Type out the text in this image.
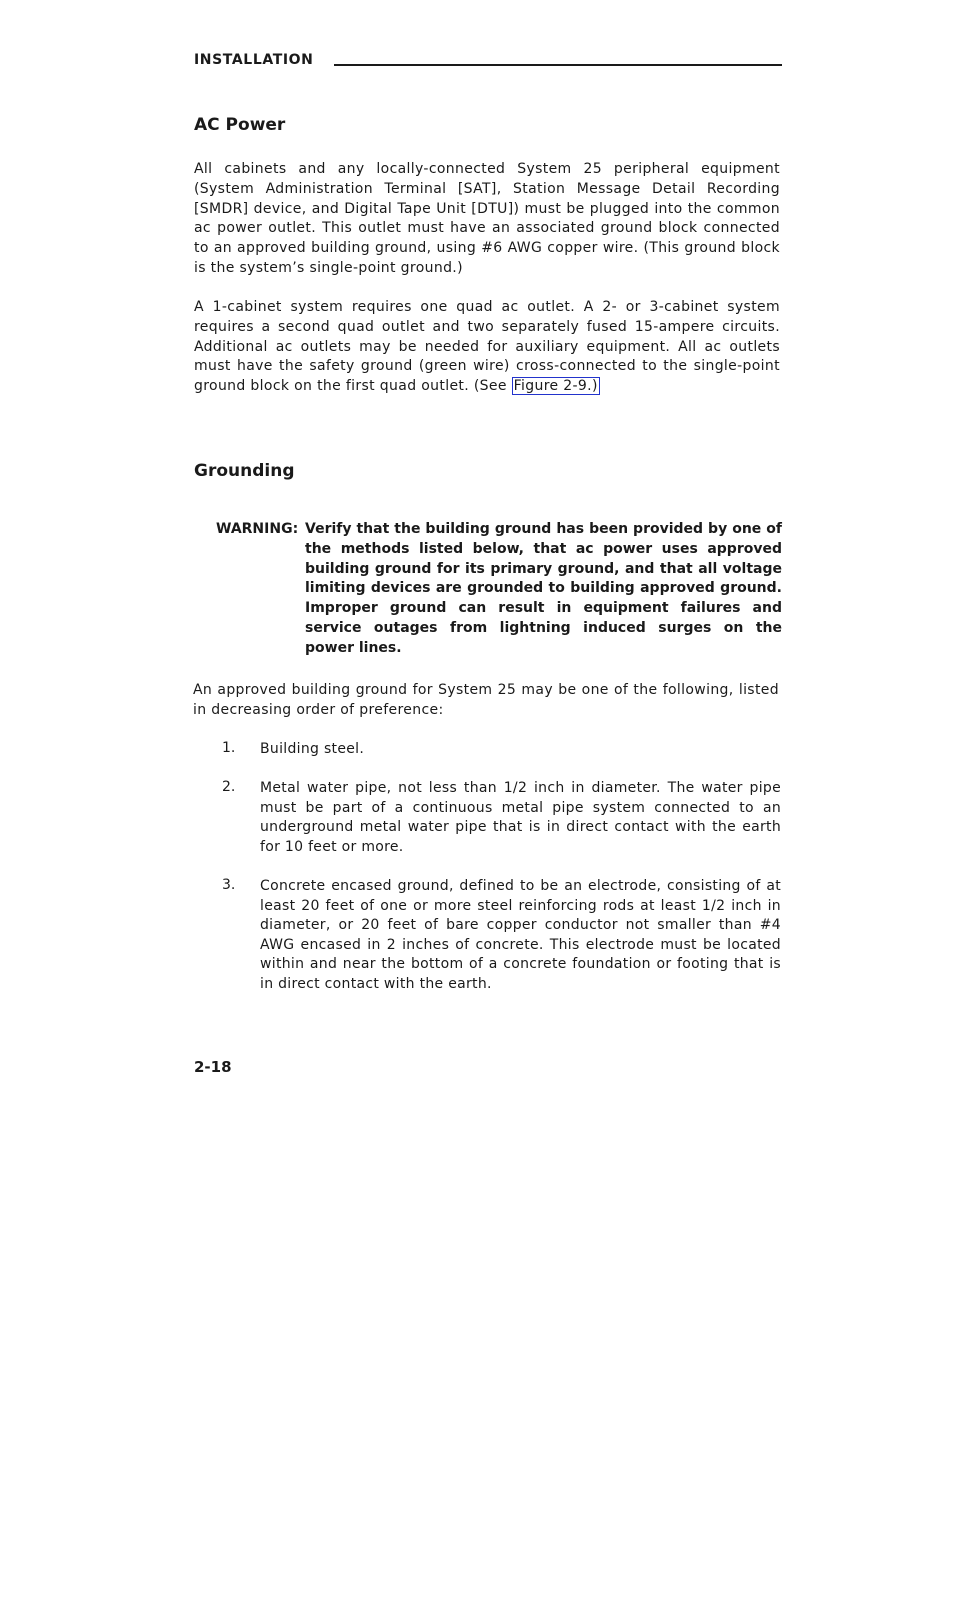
INSTALLATION
AC Power

All cabinets and any locally-connected System 25 peripheral equipment (System Administration Terminal [SAT], Station Message Detail Recording [SMDR] device, and Digital Tape Unit [DTU]) must be plugged into the common ac power outlet. This outlet must have an associated ground block connected to an approved building ground, using #6 AWG copper wire. (This ground block is the system’s single-point ground.)

A 1-cabinet system requires one quad ac outlet. A 2- or 3-cabinet system requires a second quad outlet and two separately fused 15-ampere circuits. Additional ac outlets may be needed for auxiliary equipment. All ac outlets must have the safety ground (green wire) cross-connected to the single-point ground block on the first quad outlet. (See Figure 2-9.)

Grounding
WARNING: Verify that the building ground has been provided by one of the methods listed below, that ac power uses approved building ground for its primary ground, and that all voltage limiting devices are grounded to building approved ground. Improper ground can result in equipment failures and service outages from lightning induced surges on the power lines.

An approved building ground for System 25 may be one of the following, listed in decreasing order of preference:

1. Building steel.

2. Metal water pipe, not less than 1/2 inch in diameter. The water pipe must be part of a continuous metal pipe system connected to an underground metal water pipe that is in direct contact with the earth for 10 feet or more.

3. Concrete encased ground, defined to be an electrode, consisting of at least 20 feet of one or more steel reinforcing rods at least 1/2 inch in diameter, or 20 feet of bare copper conductor not smaller than #4 AWG encased in 2 inches of concrete. This electrode must be located within and near the bottom of a concrete foundation or footing that is in direct contact with the earth.

2-18
